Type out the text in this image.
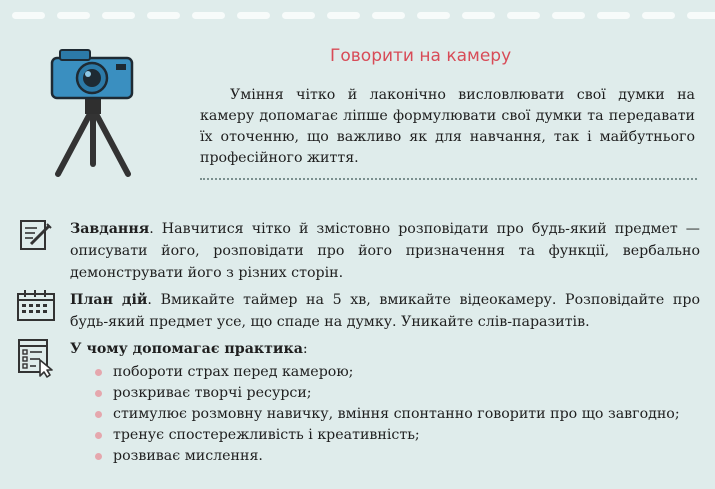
Говорити на камеру
Уміння чітко й лаконічно висловлювати свої думки на камеру допомагає ліпше формулювати свої думки та передавати їх оточенню, що важливо як для навчання, так і майбутнього професійного життя.
Завдання. Навчитися чітко й змістовно розповідати про будь-який предмет — описувати його, розповідати про його призначення та функції, вербально демонструвати його з різних сторін.
План дій. Вмикайте таймер на 5 хв, вмикайте відеокамеру. Розповідайте про будь-який предмет усе, що спаде на думку. Уникайте слів-паразитів.
У чому допомагає практика:
побороти страх перед камерою;
розкриває творчі ресурси;
стимулює розмовну навичку, вміння спонтанно говорити про що завгодно;
тренує спостережливість і креативність;
розвиває мислення.
